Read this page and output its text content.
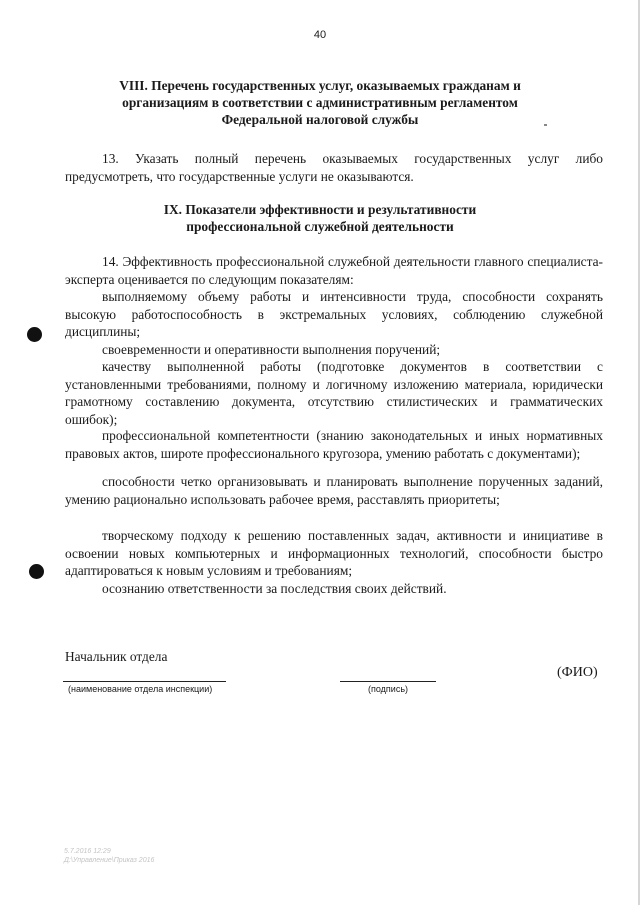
40
VIII. Перечень государственных услуг, оказываемых гражданам и
организациям в соответствии с административным регламентом
Федеральной налоговой службы
13. Указать полный перечень оказываемых государственных услуг либо предусмотреть, что государственные услуги не оказываются.
IX. Показатели эффективности и результативности
профессиональной служебной деятельности
14. Эффективность профессиональной служебной деятельности главного специалиста-эксперта оценивается по следующим показателям:
выполняемому объему работы и интенсивности труда, способности сохранять высокую работоспособность в экстремальных условиях, соблюдению служебной дисциплины;
своевременности и оперативности выполнения поручений;
качеству выполненной работы (подготовке документов в соответствии с установленными требованиями, полному и логичному изложению материала, юридически грамотному составлению документа, отсутствию стилистических и грамматических ошибок);
профессиональной компетентности (знанию законодательных и иных нормативных правовых актов, широте профессионального кругозора, умению работать с документами);
способности четко организовывать и планировать выполнение порученных заданий, умению рационально использовать рабочее время, расставлять приоритеты;
творческому подходу к решению поставленных задач, активности и инициативе в освоении новых компьютерных и информационных технологий, способности быстро адаптироваться к новым условиям и требованиям;
осознанию ответственности за последствия своих действий.
Начальник отдела
(наименование отдела инспекции)	(подпись)
(ФИО)
5.7.2016 12:29
Д:\Управление\Приказ 2016
